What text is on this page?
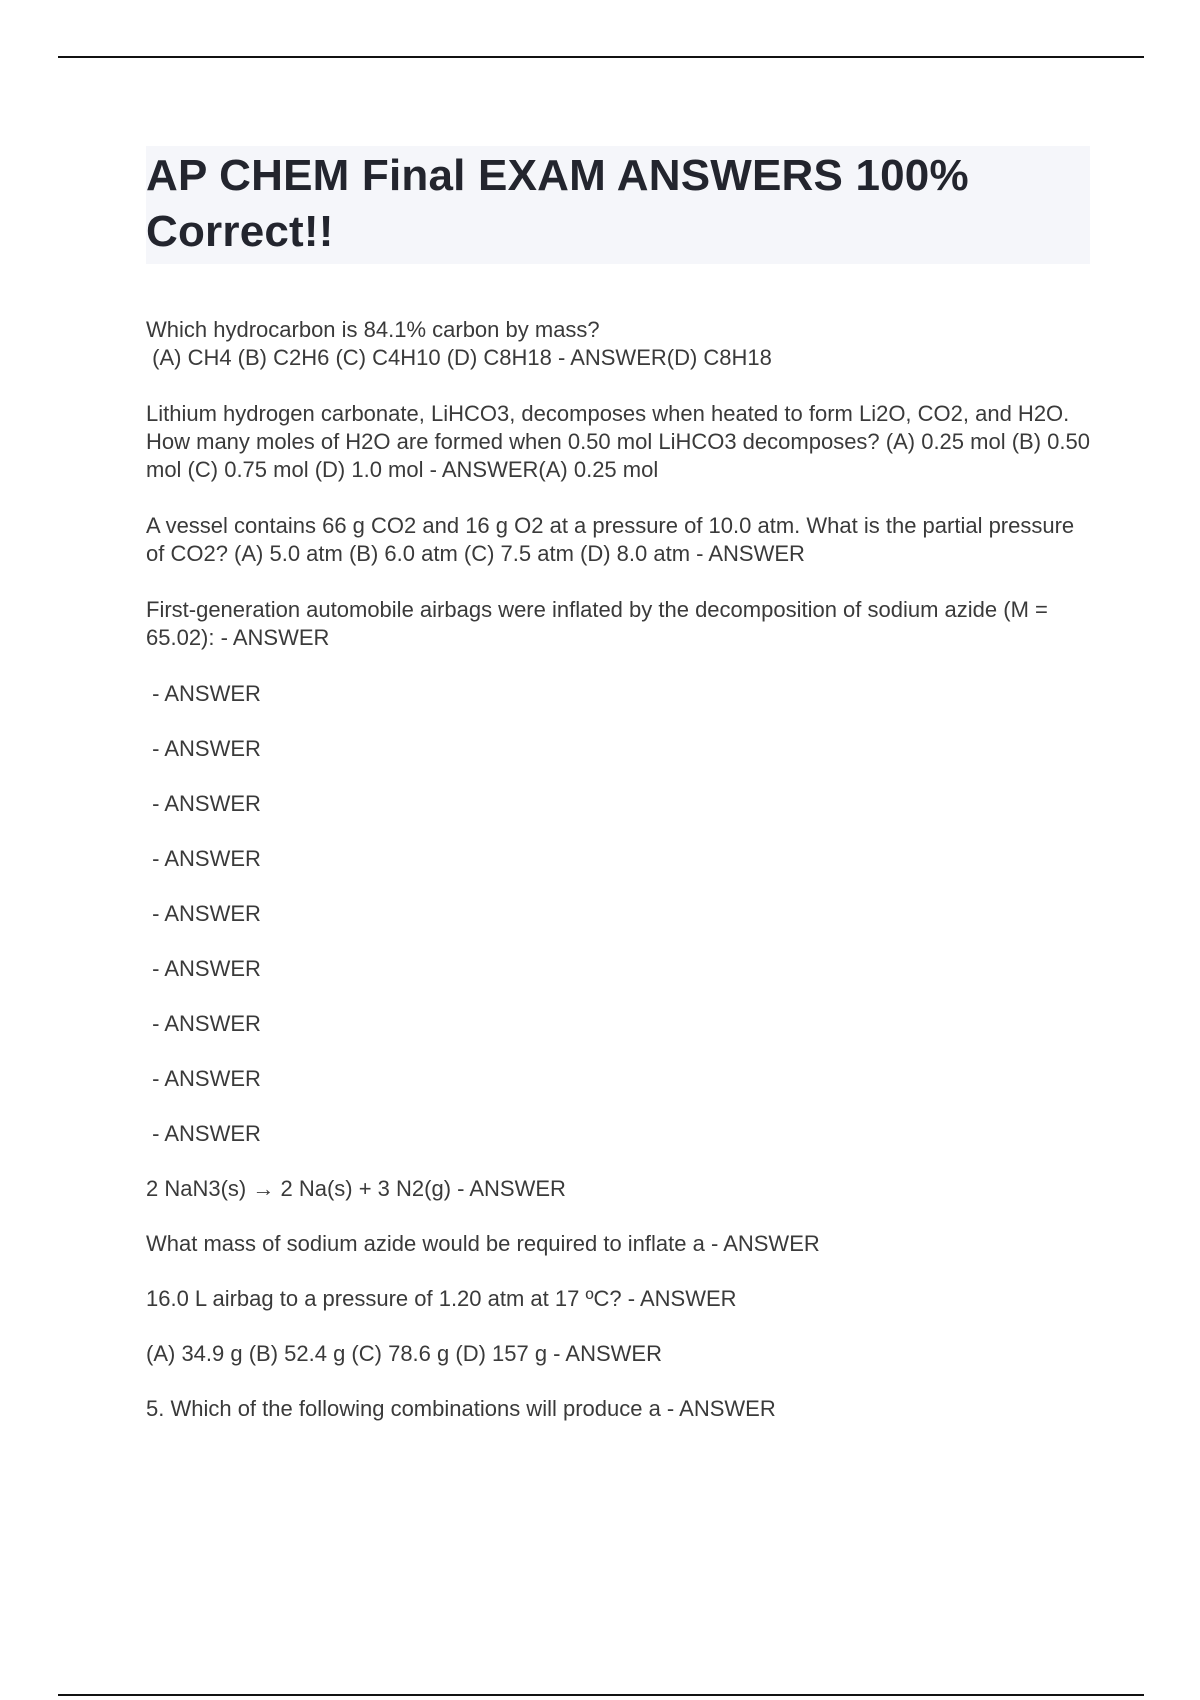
AP CHEM Final EXAM ANSWERS 100% Correct!!

Which hydrocarbon is 84.1% carbon by mass?
(A) CH4 (B) C2H6 (C) C4H10 (D) C8H18 - ANSWER(D) C8H18

Lithium hydrogen carbonate, LiHCO3, decomposes when heated to form Li2O, CO2, and H2O. How many moles of H2O are formed when 0.50 mol LiHCO3 decomposes? (A) 0.25 mol (B) 0.50 mol (C) 0.75 mol (D) 1.0 mol - ANSWER(A) 0.25 mol

A vessel contains 66 g CO2 and 16 g O2 at a pressure of 10.0 atm. What is the partial pressure of CO2? (A) 5.0 atm (B) 6.0 atm (C) 7.5 atm (D) 8.0 atm - ANSWER

First-generation automobile airbags were inflated by the decomposition of sodium azide (M = 65.02): - ANSWER

- ANSWER

- ANSWER

- ANSWER

- ANSWER

- ANSWER

- ANSWER

- ANSWER

- ANSWER

- ANSWER

2 NaN3(s) → 2 Na(s) + 3 N2(g) - ANSWER

What mass of sodium azide would be required to inflate a - ANSWER

16.0 L airbag to a pressure of 1.20 atm at 17 ºC? - ANSWER

(A) 34.9 g (B) 52.4 g (C) 78.6 g (D) 157 g - ANSWER

5. Which of the following combinations will produce a - ANSWER
